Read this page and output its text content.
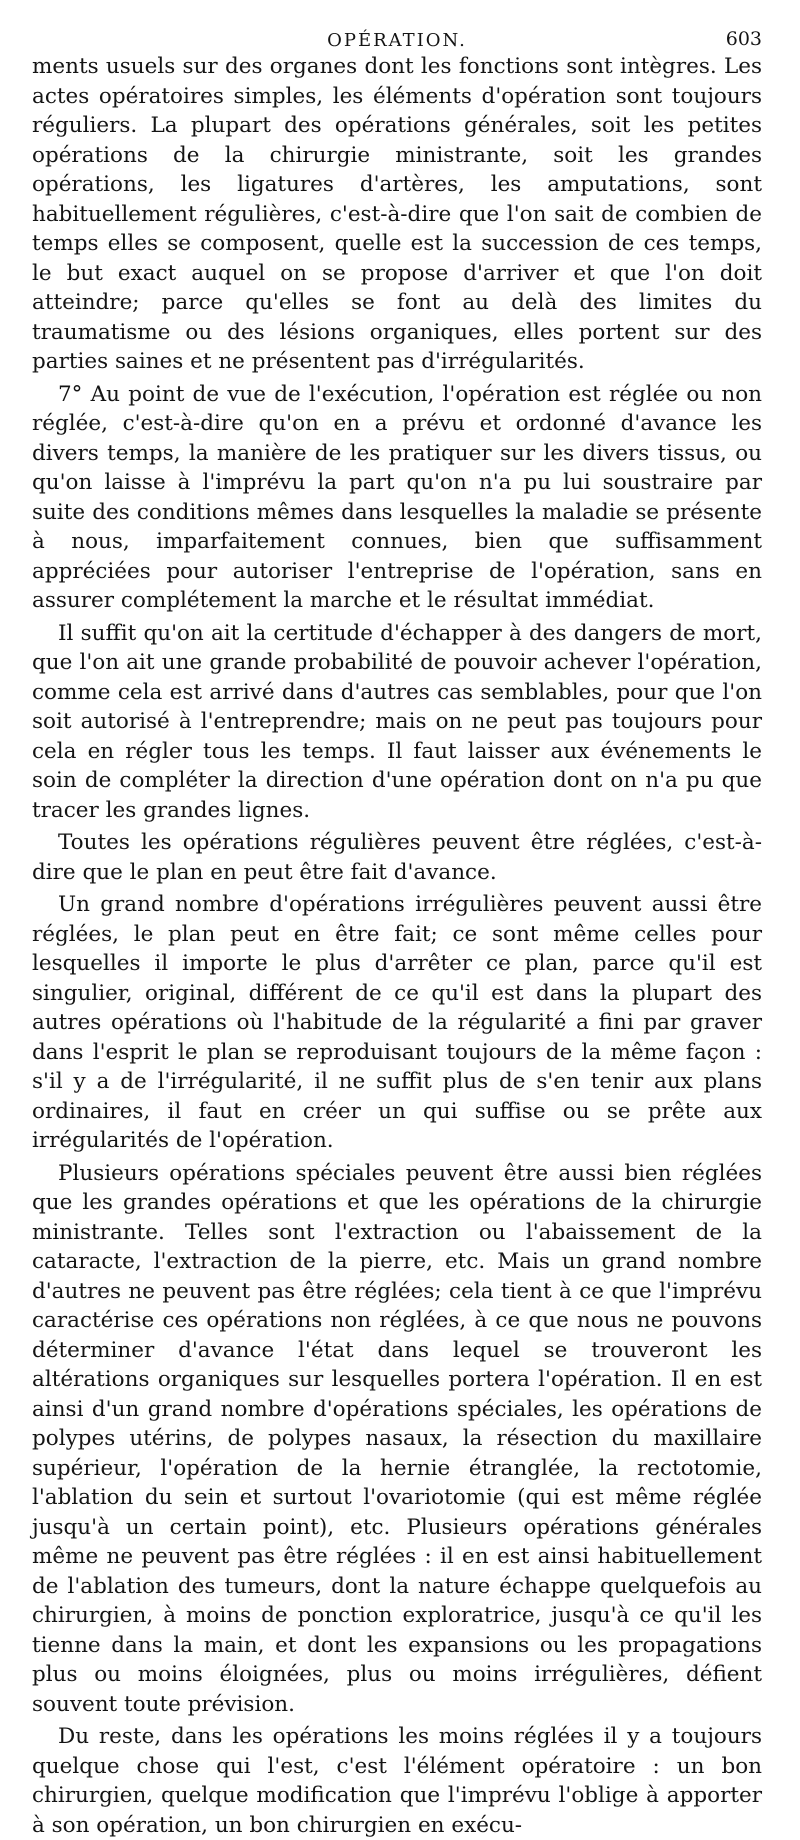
OPÉRATION.	603

ments usuels sur des organes dont les fonctions sont intègres. Les actes opératoires simples, les éléments d'opération sont toujours réguliers. La plupart des opérations générales, soit les petites opérations de la chirurgie ministrante, soit les grandes opérations, les ligatures d'artères, les amputations, sont habituellement régulières, c'est-à-dire que l'on sait de combien de temps elles se composent, quelle est la succession de ces temps, le but exact auquel on se propose d'arriver et que l'on doit atteindre; parce qu'elles se font au delà des limites du traumatisme ou des lésions organiques, elles portent sur des parties saines et ne présentent pas d'irrégularités.

7° Au point de vue de l'exécution, l'opération est réglée ou non réglée, c'est-à-dire qu'on en a prévu et ordonné d'avance les divers temps, la manière de les pratiquer sur les divers tissus, ou qu'on laisse à l'imprévu la part qu'on n'a pu lui soustraire par suite des conditions mêmes dans lesquelles la maladie se présente à nous, imparfaitement connues, bien que suffisamment appréciées pour autoriser l'entreprise de l'opération, sans en assurer complétement la marche et le résultat immédiat.

Il suffit qu'on ait la certitude d'échapper à des dangers de mort, que l'on ait une grande probabilité de pouvoir achever l'opération, comme cela est arrivé dans d'autres cas semblables, pour que l'on soit autorisé à l'entreprendre; mais on ne peut pas toujours pour cela en régler tous les temps. Il faut laisser aux événements le soin de compléter la direction d'une opération dont on n'a pu que tracer les grandes lignes.

Toutes les opérations régulières peuvent être réglées, c'est-à-dire que le plan en peut être fait d'avance.

Un grand nombre d'opérations irrégulières peuvent aussi être réglées, le plan peut en être fait; ce sont même celles pour lesquelles il importe le plus d'arrêter ce plan, parce qu'il est singulier, original, différent de ce qu'il est dans la plupart des autres opérations où l'habitude de la régularité a fini par graver dans l'esprit le plan se reproduisant toujours de la même façon : s'il y a de l'irrégularité, il ne suffit plus de s'en tenir aux plans ordinaires, il faut en créer un qui suffise ou se prête aux irrégularités de l'opération.

Plusieurs opérations spéciales peuvent être aussi bien réglées que les grandes opérations et que les opérations de la chirurgie ministrante. Telles sont l'extraction ou l'abaissement de la cataracte, l'extraction de la pierre, etc. Mais un grand nombre d'autres ne peuvent pas être réglées; cela tient à ce que l'imprévu caractérise ces opérations non réglées, à ce que nous ne pouvons déterminer d'avance l'état dans lequel se trouveront les altérations organiques sur lesquelles portera l'opération. Il en est ainsi d'un grand nombre d'opérations spéciales, les opérations de polypes utérins, de polypes nasaux, la résection du maxillaire supérieur, l'opération de la hernie étranglée, la rectotomie, l'ablation du sein et surtout l'ovariotomie (qui est même réglée jusqu'à un certain point), etc. Plusieurs opérations générales même ne peuvent pas être réglées : il en est ainsi habituellement de l'ablation des tumeurs, dont la nature échappe quelquefois au chirurgien, à moins de ponction exploratrice, jusqu'à ce qu'il les tienne dans la main, et dont les expansions ou les propagations plus ou moins éloignées, plus ou moins irrégulières, défient souvent toute prévision.

Du reste, dans les opérations les moins réglées il y a toujours quelque chose qui l'est, c'est l'élément opératoire : un bon chirurgien, quelque modification que l'imprévu l'oblige à apporter à son opération, un bon chirurgien en exécu-
